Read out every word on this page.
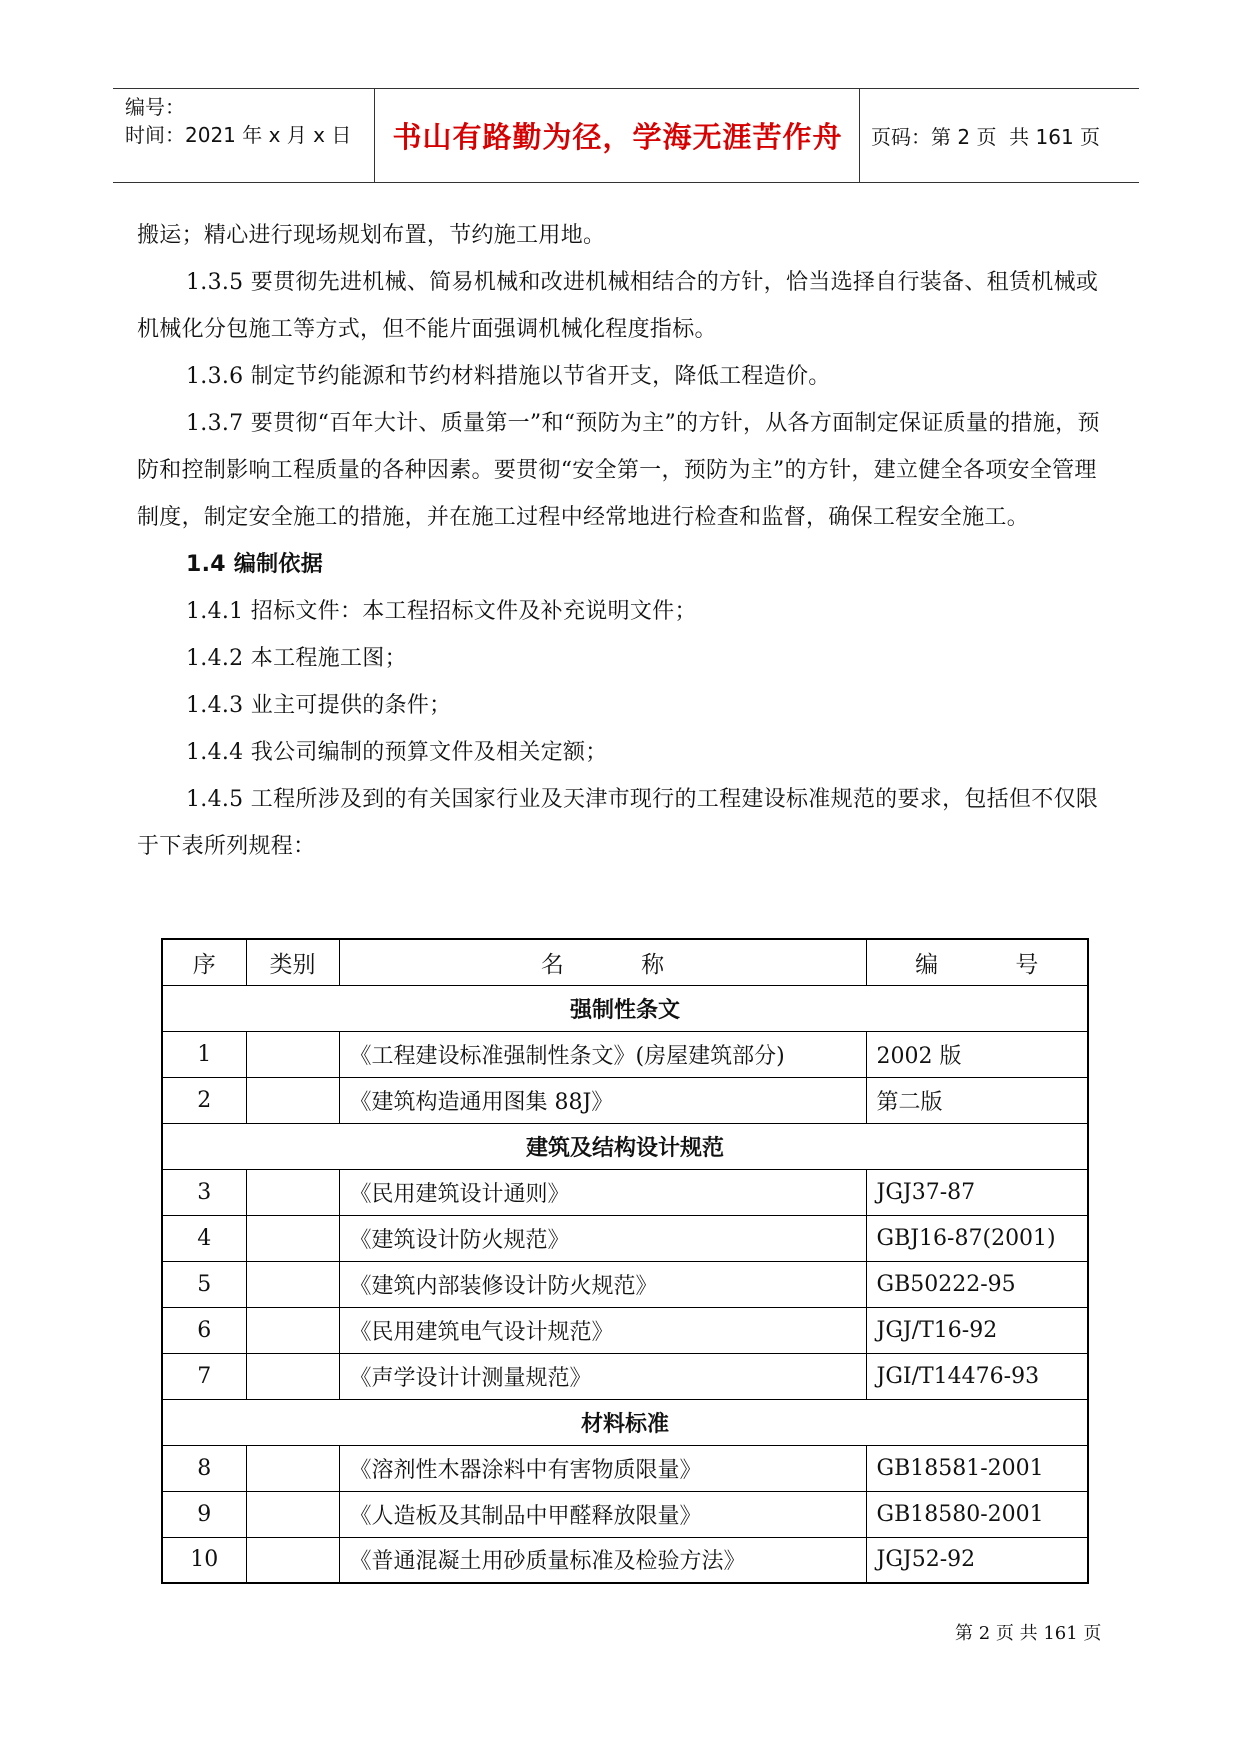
编号：
时间：2021 年 x 月 x 日	书山有路勤为径，学海无涯苦作舟	页码：第 2 页  共 161 页

搬运；精心进行现场规划布置，节约施工用地。

1.3.5 要贯彻先进机械、简易机械和改进机械相结合的方针，恰当选择自行装备、租赁机械或机械化分包施工等方式，但不能片面强调机械化程度指标。

1.3.6 制定节约能源和节约材料措施以节省开支，降低工程造价。

1.3.7 要贯彻“百年大计、质量第一”和“预防为主”的方针，从各方面制定保证质量的措施，预防和控制影响工程质量的各种因素。要贯彻“安全第一，预防为主”的方针，建立健全各项安全管理制度，制定安全施工的措施，并在施工过程中经常地进行检查和监督，确保工程安全施工。

1.4 编制依据

1.4.1 招标文件：本工程招标文件及补充说明文件；

1.4.2 本工程施工图；

1.4.3 业主可提供的条件；

1.4.4 我公司编制的预算文件及相关定额；

1.4.5 工程所涉及到的有关国家行业及天津市现行的工程建设标准规范的要求，包括但不仅限于下表所列规程：

序	类别	名 称	编 号
强制性条文			
1		《工程建设标准强制性条文》(房屋建筑部分)	2002 版
2		《建筑构造通用图集 88J》	第二版
建筑及结构设计规范			
3		《民用建筑设计通则》	JGJ37-87
4		《建筑设计防火规范》	GBJ16-87(2001)
5		《建筑内部装修设计防火规范》	GB50222-95
6		《民用建筑电气设计规范》	JGJ/T16-92
7		《声学设计计测量规范》	JGI/T14476-93
材料标准			
8		《溶剂性木器涂料中有害物质限量》	GB18581-2001
9		《人造板及其制品中甲醛释放限量》	GB18580-2001
10		《普通混凝土用砂质量标准及检验方法》	JGJ52-92
第 2 页 共 161 页
